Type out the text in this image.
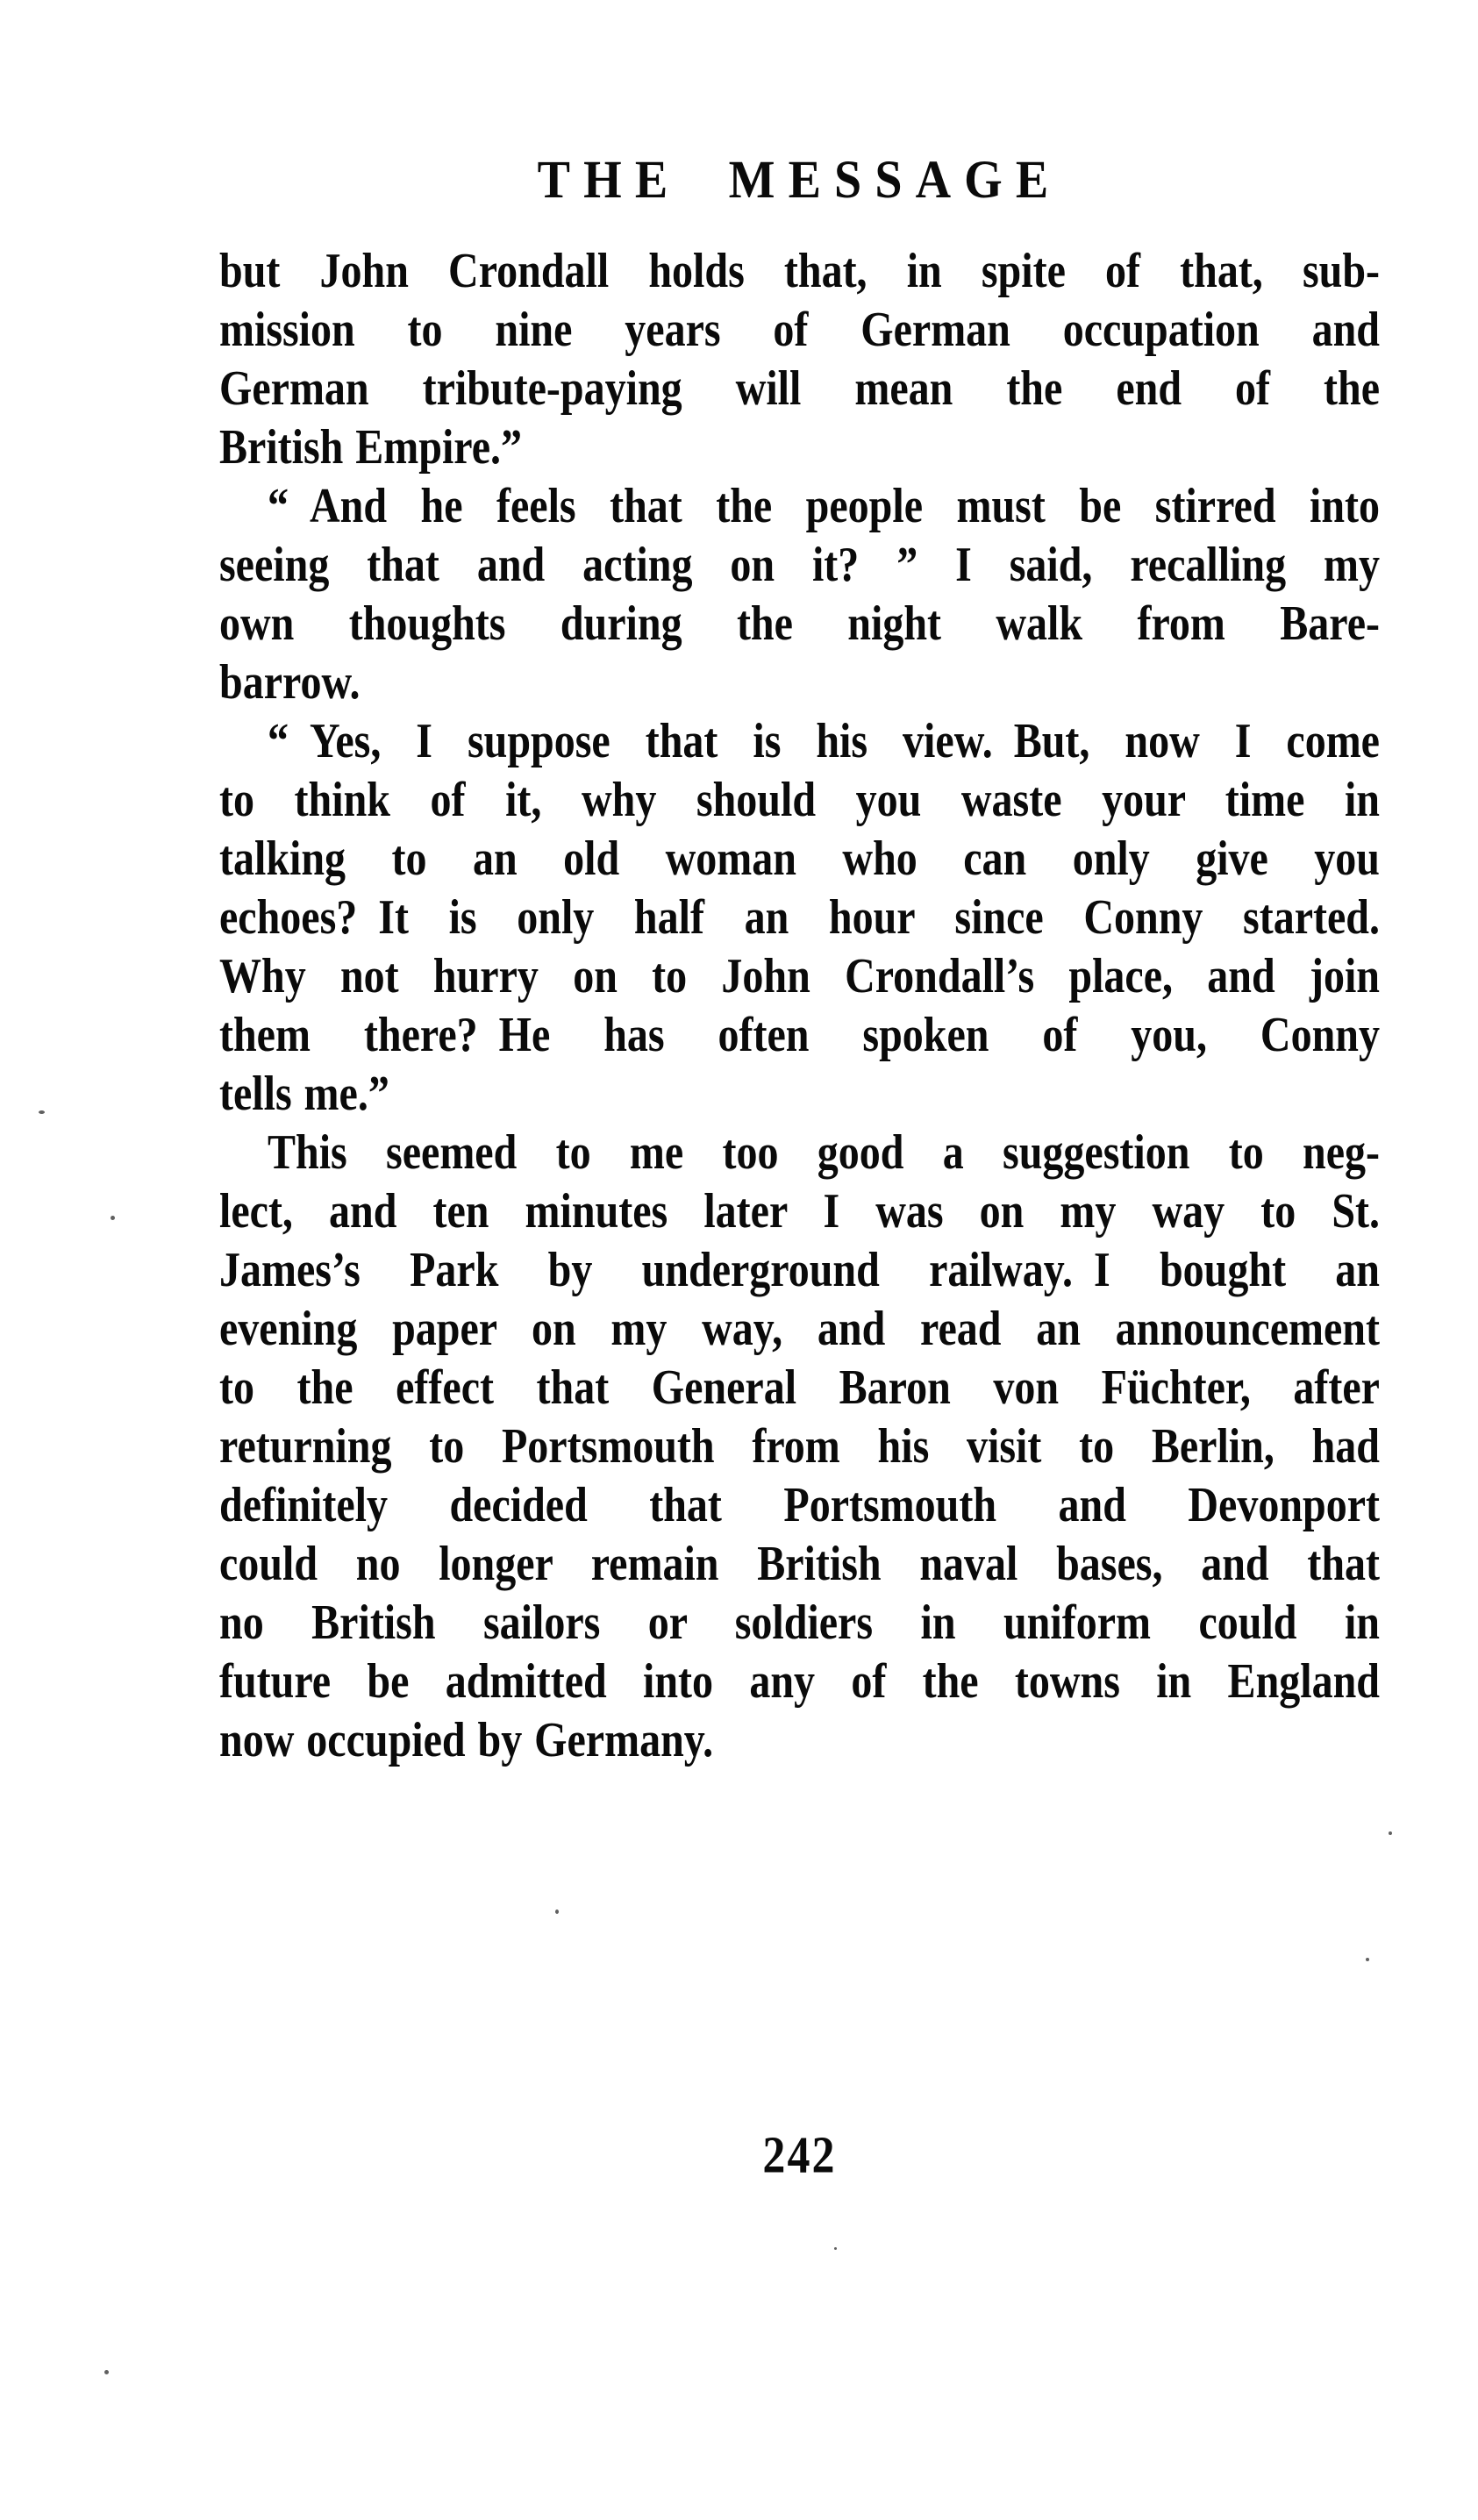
THE MESSAGE
but John Crondall holds that, in spite of that, sub-
mission to nine years of German occupation and
German tribute-paying will mean the end of the
British Empire.”
“ And he feels that the people must be stirred into
seeing that and acting on it? ” I said, recalling my
own thoughts during the night walk from Bare-
barrow.
“ Yes, I suppose that is his view. But, now I come
to think of it, why should you waste your time in
talking to an old woman who can only give you
echoes? It is only half an hour since Conny started.
Why not hurry on to John Crondall’s place, and join
them there? He has often spoken of you, Conny
tells me.”
This seemed to me too good a suggestion to neg-
lect, and ten minutes later I was on my way to St.
James’s Park by underground railway. I bought an
evening paper on my way, and read an announcement
to the effect that General Baron von Füchter, after
returning to Portsmouth from his visit to Berlin, had
definitely decided that Portsmouth and Devonport
could no longer remain British naval bases, and that
no British sailors or soldiers in uniform could in
future be admitted into any of the towns in England
now occupied by Germany.
242
